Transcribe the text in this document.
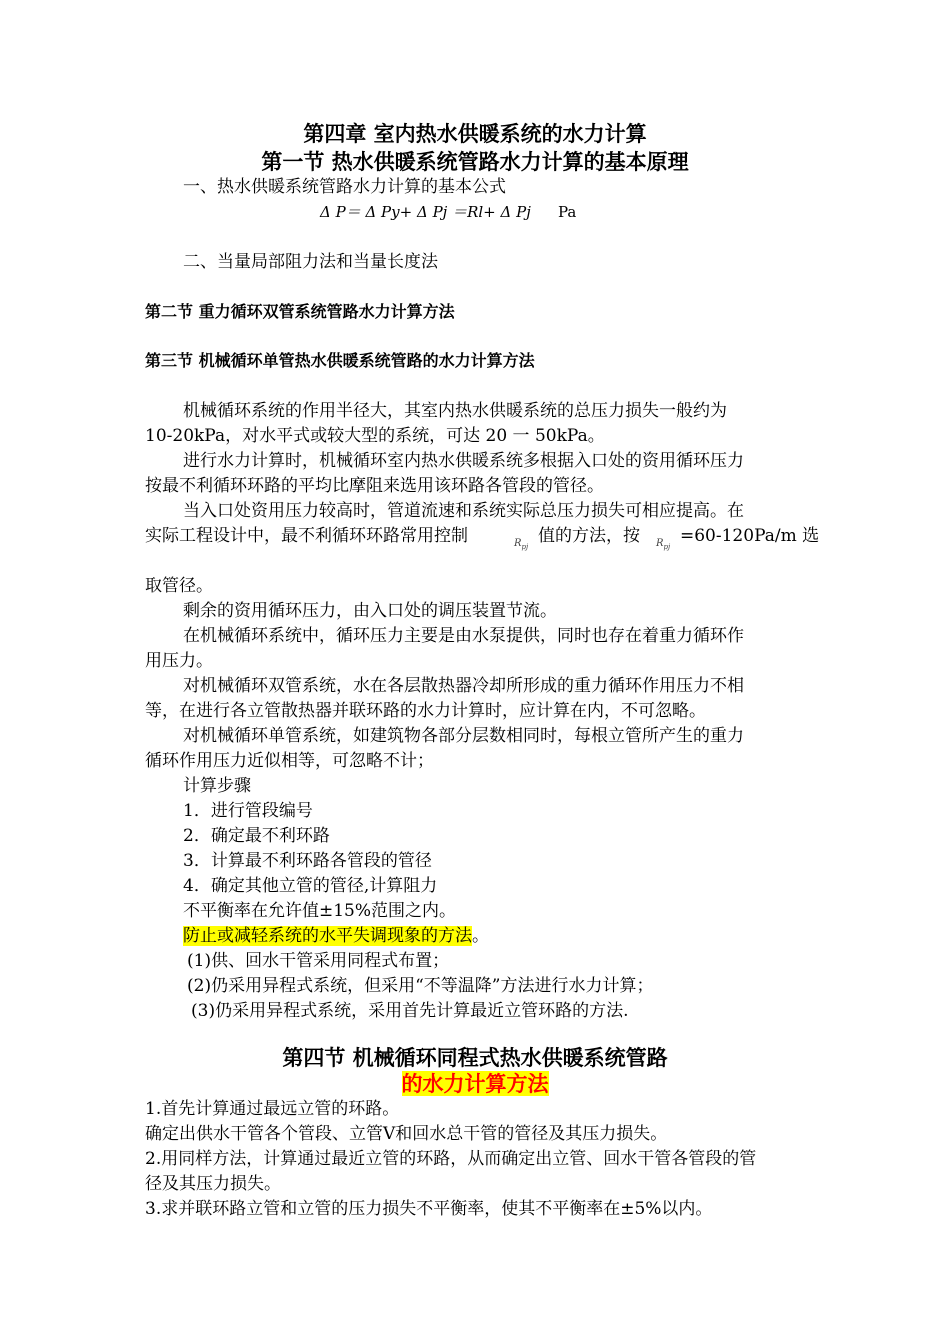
第四章 室内热水供暖系统的水力计算
第一节 热水供暖系统管路水力计算的基本原理
一、热水供暖系统管路水力计算的基本公式
Δ P＝ Δ Py+ Δ Pj ＝Rl+ Δ Pj Pa
二、当量局部阻力法和当量长度法
第二节 重力循环双管系统管路水力计算方法
第三节 机械循环单管热水供暖系统管路的水力计算方法
机械循环系统的作用半径大，其室内热水供暖系统的总压力损失一般约为
10-20kPa，对水平式或较大型的系统，可达 20 一 50kPa。
进行水力计算时，机械循环室内热水供暖系统多根据入口处的资用循环压力
按最不利循环环路的平均比摩阻来选用该环路各管段的管径。
当入口处资用压力较高时，管道流速和系统实际总压力损失可相应提高。在
实际工程设计中，最不利循环环路常用控制	$R_{pj}$
值的方法，按 $R_{pj}$
=60-120Pa/m 选
取管径。
剩余的资用循环压力，由入口处的调压装置节流。
在机械循环系统中，循环压力主要是由水泵提供，同时也存在着重力循环作
用压力。
对机械循环双管系统，水在各层散热器冷却所形成的重力循环作用压力不相
等，在进行各立管散热器并联环路的水力计算时，应计算在内，不可忽略。
对机械循环单管系统，如建筑物各部分层数相同时，每根立管所产生的重力
循环作用压力近似相等，可忽略不计；
计算步骤
1．进行管段编号
2．确定最不利环路
3．计算最不利环路各管段的管径
4．确定其他立管的管径,计算阻力
不平衡率在允许值±15%范围之内。
防止或减轻系统的水平失调现象的方法。
(1)供、回水干管采用同程式布置；
(2)仍采用异程式系统，但采用“不等温降”方法进行水力计算；
(3)仍采用异程式系统，采用首先计算最近立管环路的方法.
第四节 机械循环同程式热水供暖系统管路
的水力计算方法
1.首先计算通过最远立管的环路。
确定出供水干管各个管段、立管Ⅴ和回水总干管的管径及其压力损失。
2.用同样方法，计算通过最近立管的环路，从而确定出立管、回水干管各管段的管
径及其压力损失。
3.求并联环路立管和立管的压力损失不平衡率，使其不平衡率在±5%以内。
